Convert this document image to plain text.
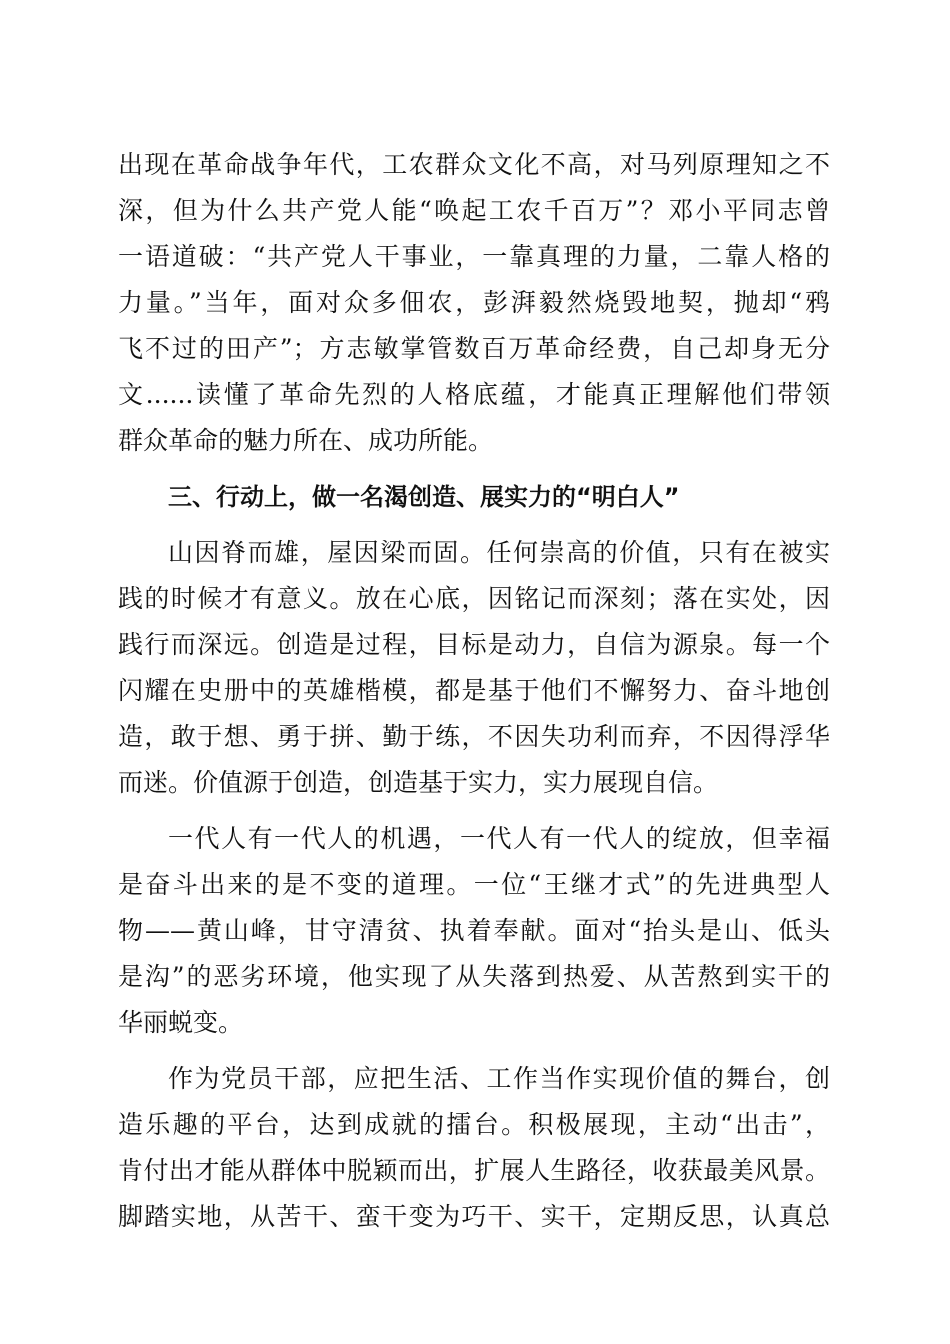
出现在革命战争年代，工农群众文化不高，对马列原理知之不
深，但为什么共产党人能“唤起工农千百万”？邓小平同志曾
一语道破：“共产党人干事业，一靠真理的力量，二靠人格的
力量。”当年，面对众多佃农，彭湃毅然烧毁地契，抛却“鸦
飞不过的田产”；方志敏掌管数百万革命经费，自己却身无分
文......读懂了革命先烈的人格底蕴，才能真正理解他们带领
群众革命的魅力所在、成功所能。
三、行动上，做一名渴创造、展实力的“明白人”
山因脊而雄，屋因梁而固。任何崇高的价值，只有在被实
践的时候才有意义。放在心底，因铭记而深刻；落在实处，因
践行而深远。创造是过程，目标是动力，自信为源泉。每一个
闪耀在史册中的英雄楷模，都是基于他们不懈努力、奋斗地创
造，敢于想、勇于拼、勤于练，不因失功利而弃，不因得浮华
而迷。价值源于创造，创造基于实力，实力展现自信。
一代人有一代人的机遇，一代人有一代人的绽放，但幸福
是奋斗出来的是不变的道理。一位“王继才式”的先进典型人
物——黄山峰，甘守清贫、执着奉献。面对“抬头是山、低头
是沟”的恶劣环境，他实现了从失落到热爱、从苦熬到实干的
华丽蜕变。
作为党员干部，应把生活、工作当作实现价值的舞台，创
造乐趣的平台，达到成就的擂台。积极展现，主动“出击”，
肯付出才能从群体中脱颖而出，扩展人生路径，收获最美风景。
脚踏实地，从苦干、蛮干变为巧干、实干，定期反思，认真总
